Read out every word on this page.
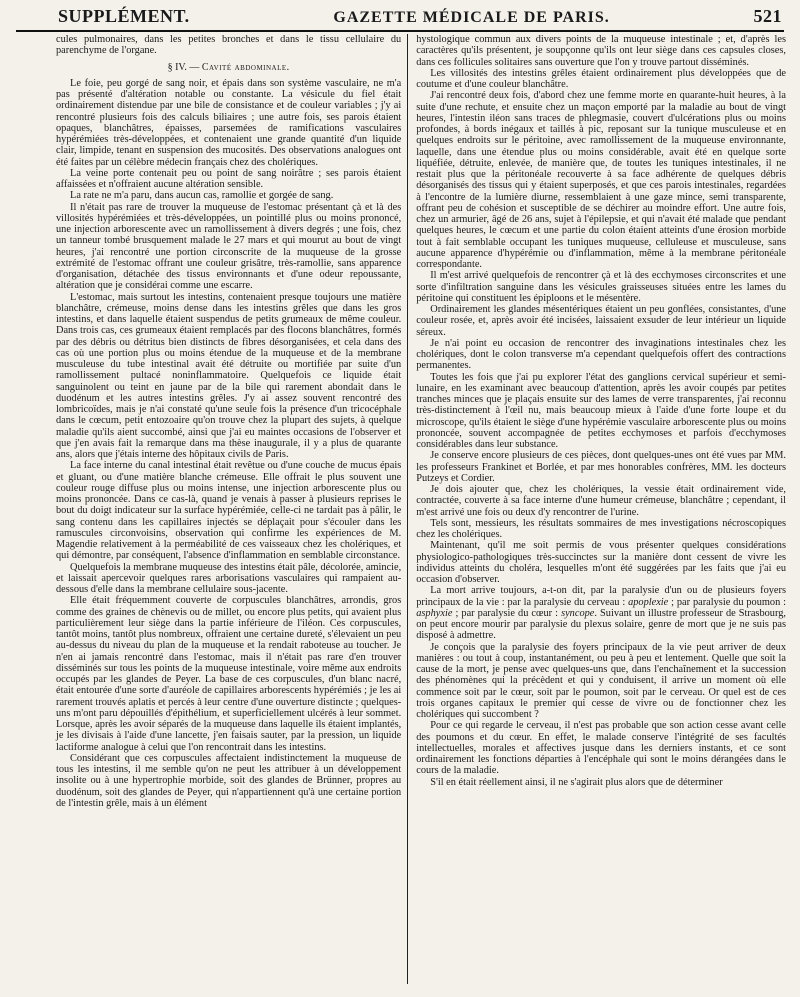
SUPPLÉMENT.	GAZETTE MÉDICALE DE PARIS.	521

cules pulmonaires, dans les petites bronches et dans le tissu cellulaire du parenchyme de l'organe.

§ IV. — Cavité abdominale.

Le foie, peu gorgé de sang noir, et épais dans son système vasculaire, ne m'a pas présenté d'altération notable ou constante. La vésicule du fiel était ordinairement distendue par une bile de consistance et de couleur variables ; j'y ai rencontré plusieurs fois des calculs biliaires ; une autre fois, ses parois étaient opaques, blanchâtres, épaisses, parsemées de ramifications vasculaires hypérémiées très-développées, et contenaient une grande quantité d'un liquide clair, limpide, tenant en suspension des mucosités. Des observations analogues ont été faites par un célèbre médecin français chez des cholériques.

La veine porte contenait peu ou point de sang noirâtre ; ses parois étaient affaissées et n'offraient aucune altération sensible.

La rate ne m'a paru, dans aucun cas, ramollie et gorgée de sang.

Il n'était pas rare de trouver la muqueuse de l'estomac présentant çà et là des villosités hypérémiées et très-développées, un pointillé plus ou moins prononcé, une injection arborescente avec un ramollissement à divers degrés ; une fois, chez un tanneur tombé brusquement malade le 27 mars et qui mourut au bout de vingt heures, j'ai rencontré une portion circonscrite de la muqueuse de la grosse extrémité de l'estomac offrant une couleur grisâtre, très-ramollie, sans apparence d'organisation, détachée des tissus environnants et d'une odeur repoussante, altération que je considérai comme une escarre.

L'estomac, mais surtout les intestins, contenaient presque toujours une matière blanchâtre, crémeuse, moins dense dans les intestins grêles que dans les gros intestins, et dans laquelle étaient suspendus de petits grumeaux de même couleur. Dans trois cas, ces grumeaux étaient remplacés par des flocons blanchâtres, formés par des débris ou détritus bien distincts de fibres désorganisées, et cela dans des cas où une portion plus ou moins étendue de la muqueuse et de la membrane musculeuse du tube intestinal avait été détruite ou mortifiée par suite d'un ramollissement pultacé noninflammatoire. Quelquefois ce liquide était sanguinolent ou teint en jaune par de la bile qui rarement abondait dans le duodénum et les autres intestins grêles. J'y ai assez souvent rencontré des lombricoïdes, mais je n'ai constaté qu'une seule fois la présence d'un tricocéphale dans le cœcum, petit entozoaire qu'on trouve chez la plupart des sujets, à quelque maladie qu'ils aient succombé, ainsi que j'ai eu maintes occasions de l'observer et que j'en avais fait la remarque dans ma thèse inaugurale, il y a plus de quarante ans, alors que j'étais interne des hôpitaux civils de Paris.

La face interne du canal intestinal était revêtue ou d'une couche de mucus épais et gluant, ou d'une matière blanche crémeuse. Elle offrait le plus souvent une couleur rouge diffuse plus ou moins intense, une injection arborescente plus ou moins prononcée. Dans ce cas-là, quand je venais à passer à plusieurs reprises le bout du doigt indicateur sur la surface hypérémiée, celle-ci ne tardait pas à pâlir, le sang contenu dans les capillaires injectés se déplaçait pour s'écouler dans les ramuscules circonvoisins, observation qui confirme les expériences de M. Magendie relativement à la perméabilité de ces vaisseaux chez les cholériques, et qui démontre, par conséquent, l'absence d'inflammation en semblable circonstance.

Quelquefois la membrane muqueuse des intestins était pâle, décolorée, amincie, et laissait apercevoir quelques rares arborisations vasculaires qui rampaient au-dessous d'elle dans la membrane cellulaire sous-jacente.

Elle était fréquemment couverte de corpuscules blanchâtres, arrondis, gros comme des graines de chènevis ou de millet, ou encore plus petits, qui avaient plus particulièrement leur siège dans la partie inférieure de l'iléon. Ces corpuscules, tantôt moins, tantôt plus nombreux, offraient une certaine dureté, s'élevaient un peu au-dessus du niveau du plan de la muqueuse et la rendait raboteuse au toucher. Je n'en ai jamais rencontré dans l'estomac, mais il n'était pas rare d'en trouver disséminés sur tous les points de la muqueuse intestinale, voire même aux endroits occupés par les glandes de Peyer. La base de ces corpuscules, d'un blanc nacré, était entourée d'une sorte d'auréole de capillaires arborescents hypérémiés ; je les ai rarement trouvés aplatis et percés à leur centre d'une ouverture distincte ; quelques-uns m'ont paru dépouillés d'épithélium, et superficiellement ulcérés à leur sommet. Lorsque, après les avoir séparés de la muqueuse dans laquelle ils étaient implantés, je les divisais à l'aide d'une lancette, j'en faisais sauter, par la pression, un liquide lactiforme analogue à celui que l'on rencontrait dans les intestins.

Considérant que ces corpuscules affectaient indistinctement la muqueuse de tous les intestins, il me semble qu'on ne peut les attribuer à un développement insolite ou à une hypertrophie morbide, soit des glandes de Brünner, propres au duodénum, soit des glandes de Peyer, qui n'appartiennent qu'à une certaine portion de l'intestin grêle, mais à un élément

hystologique commun aux divers points de la muqueuse intestinale ; et, d'après les caractères qu'ils présentent, je soupçonne qu'ils ont leur siège dans ces capsules closes, dans ces follicules solitaires sans ouverture que l'on y trouve partout disséminés.

Les villosités des intestins grêles étaient ordinairement plus développées que de coutume et d'une couleur blanchâtre.

J'ai rencontré deux fois, d'abord chez une femme morte en quarante-huit heures, à la suite d'une rechute, et ensuite chez un maçon emporté par la maladie au bout de vingt heures, l'intestin iléon sans traces de phlegmasie, couvert d'ulcérations plus ou moins profondes, à bords inégaux et taillés à pic, reposant sur la tunique musculeuse et en quelques endroits sur le péritoine, avec ramollissement de la muqueuse environnante, laquelle, dans une étendue plus ou moins considérable, avait été en quelque sorte liquéfiée, détruite, enlevée, de manière que, de toutes les tuniques intestinales, il ne restait plus que la péritonéale recouverte à sa face adhérente de quelques débris désorganisés des tissus qui y étaient superposés, et que ces parois intestinales, regardées à l'encontre de la lumière diurne, ressemblaient à une gaze mince, semi transparente, offrant peu de cohésion et susceptible de se déchirer au moindre effort. Une autre fois, chez un armurier, âgé de 26 ans, sujet à l'épilepsie, et qui n'avait été malade que pendant quelques heures, le cœcum et une partie du colon étaient atteints d'une érosion morbide tout à fait semblable occupant les tuniques muqueuse, celluleuse et musculeuse, sans aucune apparence d'hypérémie ou d'inflammation, même à la membrane péritonéale correspondante.

Il m'est arrivé quelquefois de rencontrer çà et là des ecchymoses circonscrites et une sorte d'infiltration sanguine dans les vésicules graisseuses situées entre les lames du péritoine qui constituent les épiploons et le mésentère.

Ordinairement les glandes mésentériques étaient un peu gonflées, consistantes, d'une couleur rosée, et, après avoir été incisées, laissaient exsuder de leur intérieur un liquide séreux.

Je n'ai point eu occasion de rencontrer des invaginations intestinales chez les cholériques, dont le colon transverse m'a cependant quelquefois offert des contractions permanentes.

Toutes les fois que j'ai pu explorer l'état des ganglions cervical supérieur et semi-lunaire, en les examinant avec beaucoup d'attention, après les avoir coupés par petites tranches minces que je plaçais ensuite sur des lames de verre transparentes, j'ai reconnu très-distinctement à l'œil nu, mais beaucoup mieux à l'aide d'une forte loupe et du microscope, qu'ils étaient le siège d'une hypérémie vasculaire arborescente plus ou moins prononcée, souvent accompagnée de petites ecchymoses et parfois d'ecchymoses considérables dans leur substance.

Je conserve encore plusieurs de ces pièces, dont quelques-unes ont été vues par MM. les professeurs Frankinet et Borlée, et par mes honorables confrères, MM. les docteurs Putzeys et Cordier.

Je dois ajouter que, chez les cholériques, la vessie était ordinairement vide, contractée, couverte à sa face interne d'une humeur crémeuse, blanchâtre ; cependant, il m'est arrivé une fois ou deux d'y rencontrer de l'urine.

Tels sont, messieurs, les résultats sommaires de mes investigations nécroscopiques chez les cholériques.

Maintenant, qu'il me soit permis de vous présenter quelques considérations physiologico-pathologiques très-succinctes sur la manière dont cessent de vivre les individus atteints du choléra, lesquelles m'ont été suggérées par les faits que j'ai eu occasion d'observer.

La mort arrive toujours, a-t-on dit, par la paralysie d'un ou de plusieurs foyers principaux de la vie : par la paralysie du cerveau : apoplexie ; par paralysie du poumon : asphyxie ; par paralysie du cœur : syncope. Suivant un illustre professeur de Strasbourg, on peut encore mourir par paralysie du plexus solaire, genre de mort que je ne suis pas disposé à admettre.

Je conçois que la paralysie des foyers principaux de la vie peut arriver de deux manières : ou tout à coup, instantanément, ou peu à peu et lentement. Quelle que soit la cause de la mort, je pense avec quelques-uns que, dans l'enchaînement et la succession des phénomènes qui la précèdent et qui y conduisent, il arrive un moment où elle commence soit par le cœur, soit par le poumon, soit par le cerveau. Or quel est de ces trois organes capitaux le premier qui cesse de vivre ou de fonctionner chez les cholériques qui succombent ?

Pour ce qui regarde le cerveau, il n'est pas probable que son action cesse avant celle des poumons et du cœur. En effet, le malade conserve l'intégrité de ses facultés intellectuelles, morales et affectives jusque dans les derniers instants, et ce sont ordinairement les fonctions départies à l'encéphale qui sont le moins dérangées dans le cours de la maladie.

S'il en était réellement ainsi, il ne s'agirait plus alors que de déterminer
